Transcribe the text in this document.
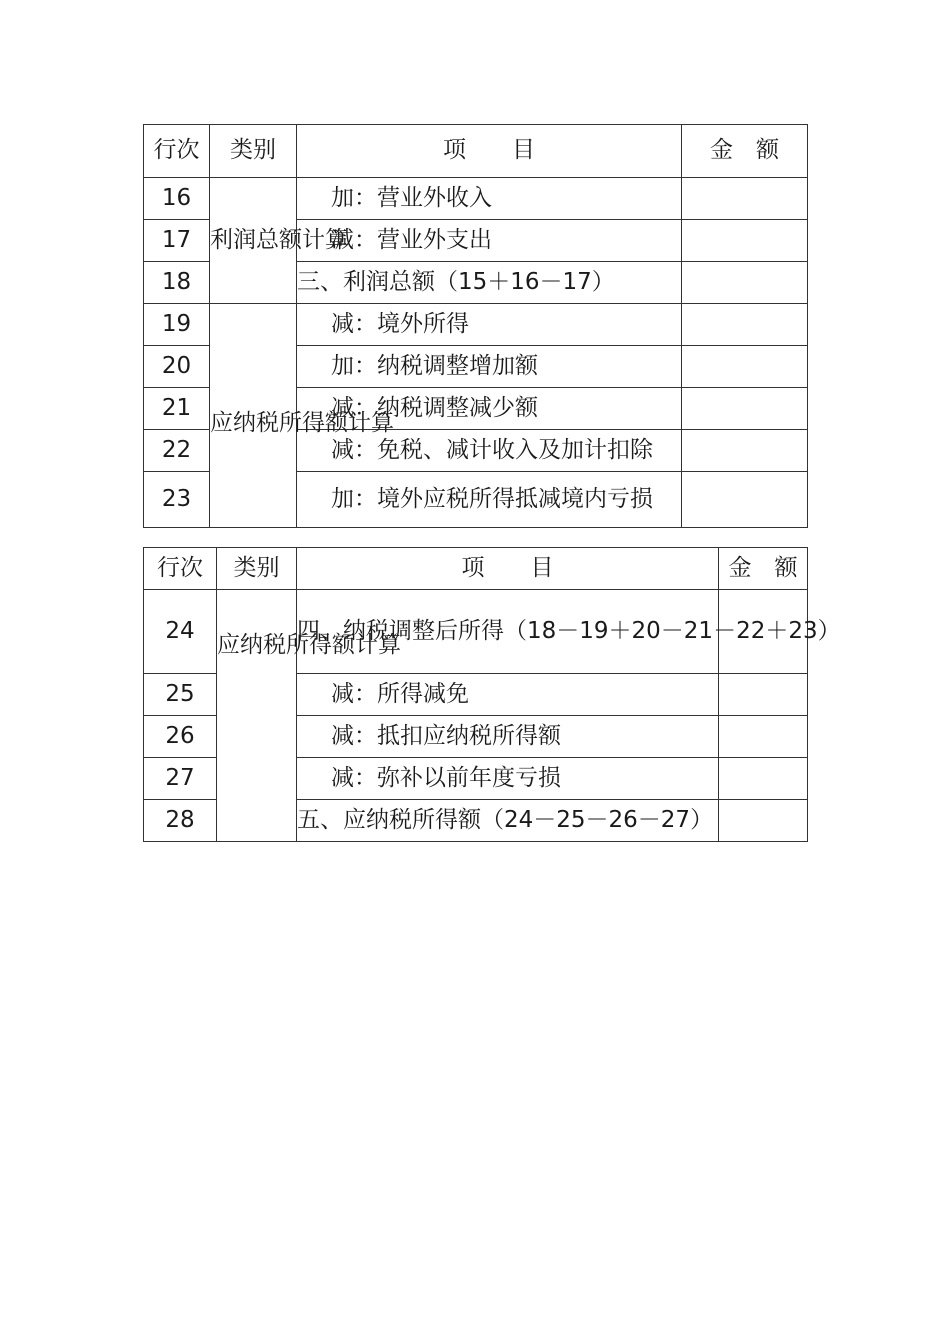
行次	类别	项　　目	金　额
16	利润总额计算	加：营业外收入	
17		减：营业外支出	
18		三、利润总额（15＋16－17）	
19	应纳税所得额计算	减：境外所得	
20		加：纳税调整增加额	
21		减：纳税调整减少额	
22		减：免税、减计收入及加计扣除	
23		加：境外应税所得抵减境内亏损	
行次	类别	项　　目	金　额
24	应纳税所得额计算	四、纳税调整后所得（18－19＋20－21－22＋23）	
25		减：所得减免	
26		减：抵扣应纳税所得额	
27		减：弥补以前年度亏损	
28		五、应纳税所得额（24－25－26－27）	
